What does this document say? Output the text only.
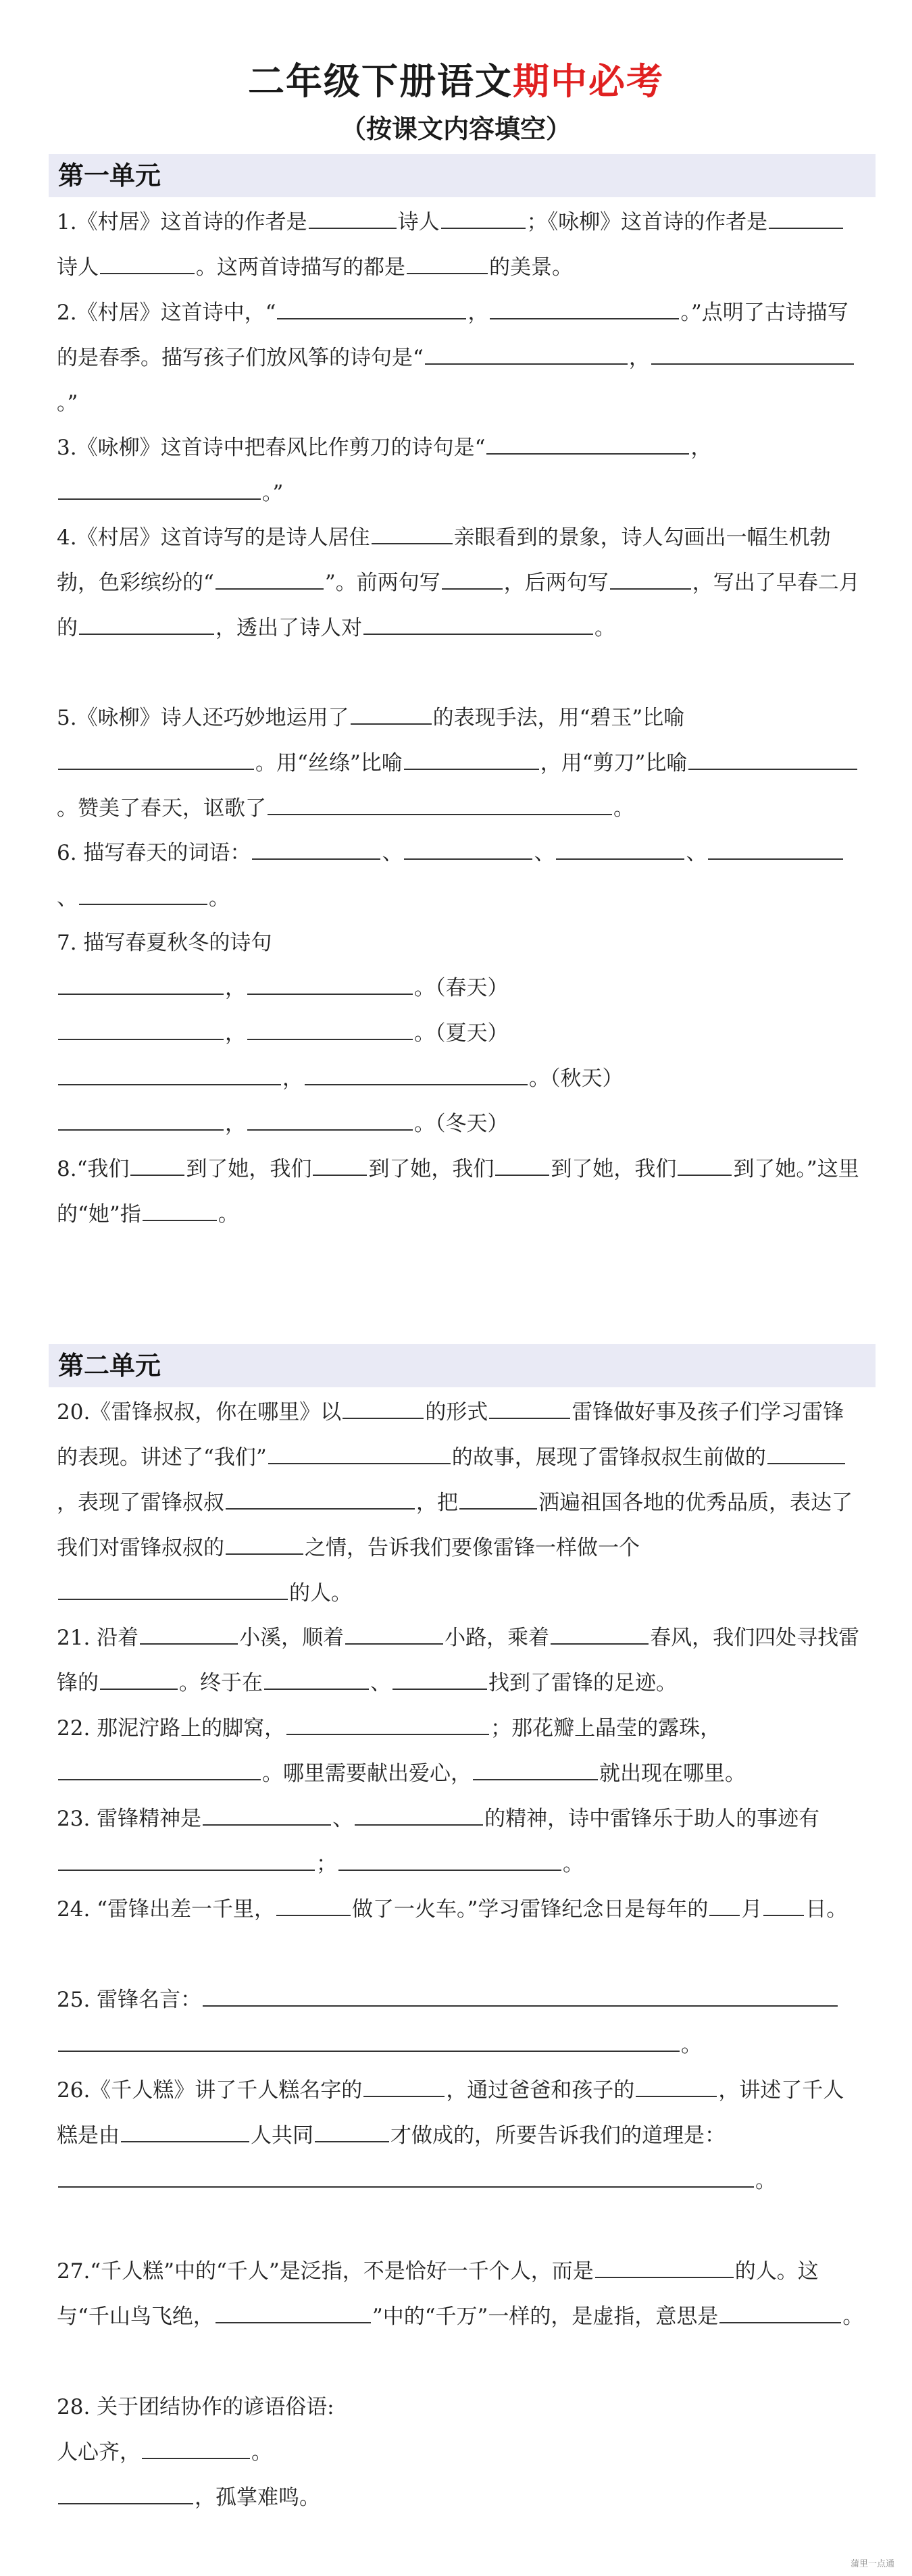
二年级下册语文期中必考
（按课文内容填空）
第一单元

1.《村居》这首诗的作者是	诗人	；《咏柳》这首诗的作者是诗人	。这两首诗描写的都是	的美景。

2.《村居》这首诗中，“	，	。”点明了古诗描写的是春季。描写孩子们放风筝的诗句是“	，。”

3.《咏柳》这首诗中把春风比作剪刀的诗句是“	，。”

4.《村居》这首诗写的是诗人居住	亲眼看到的景象，诗人勾画出一幅生机勃勃，色彩缤纷的“	”。前两句写	，后两句写	，写出了早春二月的	，透出了诗人对	。

5.《咏柳》诗人还巧妙地运用了	的表现手法，用“碧玉”比喻。用“丝绦”比喻	，用“剪刀”比喻。赞美了春天，讴歌了	。

6. 描写春天的词语：	、	、	、、	。

7. 描写春夏秋冬的诗句

，	。（春天）

，	。（夏天）

，	。（秋天）

，	。（冬天）

8.“我们	到了她，我们	到了她，我们	到了她，我们	到了她。”这里的“她”指	。

第二单元

20.《雷锋叔叔，你在哪里》以	的形式	雷锋做好事及孩子们学习雷锋的表现。讲述了“我们”	的故事，展现了雷锋叔叔生前做的，表现了雷锋叔叔	，把	洒遍祖国各地的优秀品质，表达了我们对雷锋叔叔的	之情，告诉我们要像雷锋一样做一个的人。

21. 沿着	小溪，顺着	小路，乘着	春风，我们四处寻找雷锋的	。终于在	、	找到了雷锋的足迹。

22. 那泥泞路上的脚窝，	；那花瓣上晶莹的露珠，。哪里需要献出爱心，	就出现在哪里。

23. 雷锋精神是	、	的精神，诗中雷锋乐于助人的事迹有；	。

24. “雷锋出差一千里，	做了一火车。”学习雷锋纪念日是每年的 月 日。

25. 雷锋名言：。

26.《千人糕》讲了千人糕名字的	，通过爸爸和孩子的	，讲述了千人糕是由	人共同	才做成的，所要告诉我们的道理是：。

27.“千人糕”中的“千人”是泛指，不是恰好一千个人，而是	的人。这与“千山鸟飞绝，	”中的“千万”一样的，是虚指，意思是	。

28. 关于团结协作的谚语俗语:

人心齐，	。

，孤掌难鸣。

蒲里一点通
